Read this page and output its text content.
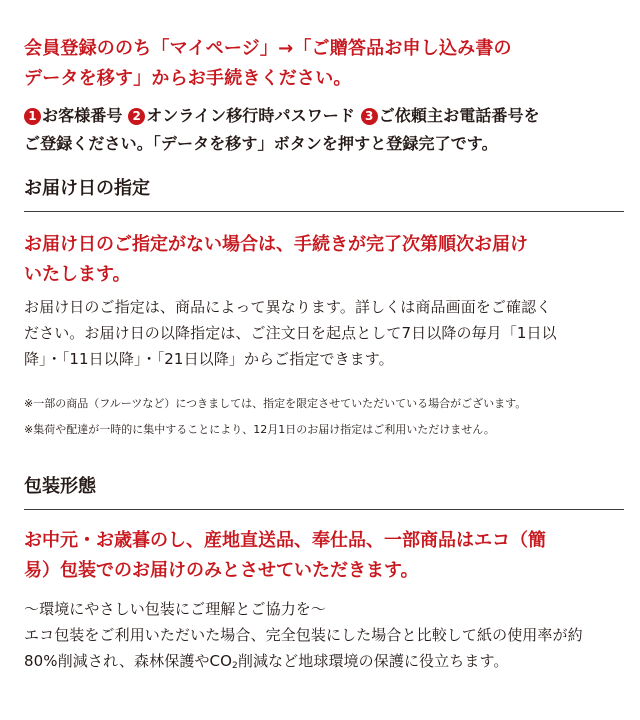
会員登録ののち「マイページ」→「ご贈答品お申し込み書の
データを移す」からお手続きください。
1 お客様番号 2 オンライン移行時パスワード 3 ご依頼主お電話番号を
ご登録ください。「データを移す」ボタンを押すと登録完了です。
お届け日の指定
お届け日のご指定がない場合は、手続きが完了次第順次お届け
いたします。
お届け日のご指定は、商品によって異なります。詳しくは商品画面をご確認く
ださい。お届け日の以降指定は、ご注文日を起点として7日以降の毎月「1日以
降」・「11日以降」・「21日以降」からご指定できます。
※一部の商品（フルーツなど）につきましては、指定を限定させていただいている場合がございます。
※集荷や配達が一時的に集中することにより、12月1日のお届け指定はご利用いただけません。
包装形態
お中元・お歳暮のし、産地直送品、奉仕品、一部商品はエコ（簡
易）包装でのお届けのみとさせていただきます。
〜環境にやさしい包装にご理解とご協力を〜
エコ包装をご利用いただいた場合、完全包装にした場合と比較して紙の使用率が約
80%削減され、森林保護や$CO_2$削減など地球環境の保護に役立ちます。
